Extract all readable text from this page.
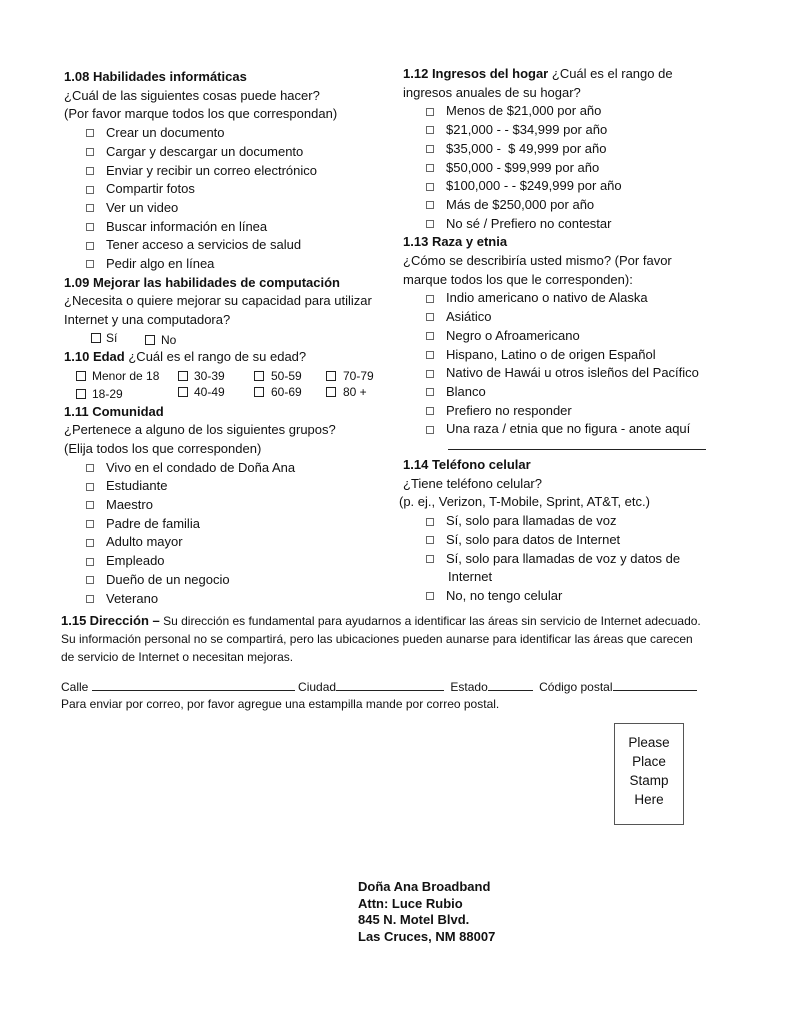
1.08 Habilidades informáticas
¿Cuál de las siguientes cosas puede hacer?
(Por favor marque todos los que correspondan)
Crear un documento
Cargar y descargar un documento
Enviar y recibir un correo electrónico
Compartir fotos
Ver un video
Buscar información en línea
Tener acceso a servicios de salud
Pedir algo en línea
1.09 Mejorar las habilidades de computación
¿Necesita o quiere mejorar su capacidad para utilizar
Internet y una computadora?
Sí	No
1.10 Edad ¿Cuál es el rango de su edad?
Menor de 18	30-39	50-59	70-79
18-29	40-49	60-69	80 +
1.11 Comunidad
¿Pertenece a alguno de los siguientes grupos?
(Elija todos los que corresponden)
Vivo en el condado de Doña Ana
Estudiante
Maestro
Padre de familia
Adulto mayor
Empleado
Dueño de un negocio
Veterano
1.12 Ingresos del hogar ¿Cuál es el rango de
ingresos anuales de su hogar?
Menos de $21,000 por año
$21,000 - - $34,999 por año
$35,000 -  $ 49,999 por año
$50,000 - $99,999 por año
$100,000 - - $249,999 por año
Más de $250,000 por año
No sé / Prefiero no contestar
1.13 Raza y etnia
¿Cómo se describiría usted mismo? (Por favor
marque todos los que le corresponden):
Indio americano o nativo de Alaska
Asiático
Negro o Afroamericano
Hispano, Latino o de origen Español
Nativo de Hawái u otros isleños del Pacífico
Blanco
Prefiero no responder
Una raza / etnia que no figura - anote aquí
1.14 Teléfono celular
¿Tiene teléfono celular?
(p. ej., Verizon, T-Mobile, Sprint, AT&T, etc.)
Sí, solo para llamadas de voz
Sí, solo para datos de Internet
Sí, solo para llamadas de voz y datos de
Internet
No, no tengo celular
1.15 Dirección – Su dirección es fundamental para ayudarnos a identificar las áreas sin servicio de Internet adecuado.
Su información personal no se compartirá, pero las ubicaciones pueden aunarse para identificar las áreas que carecen
de servicio de Internet o necesitan mejoras.
Calle	Ciudad	Estado	Código postal
Para enviar por correo, por favor agregue una estampilla mande por correo postal.
Please
Place
Stamp
Here
Doña Ana Broadband
Attn: Luce Rubio
845 N. Motel Blvd.
Las Cruces, NM 88007
